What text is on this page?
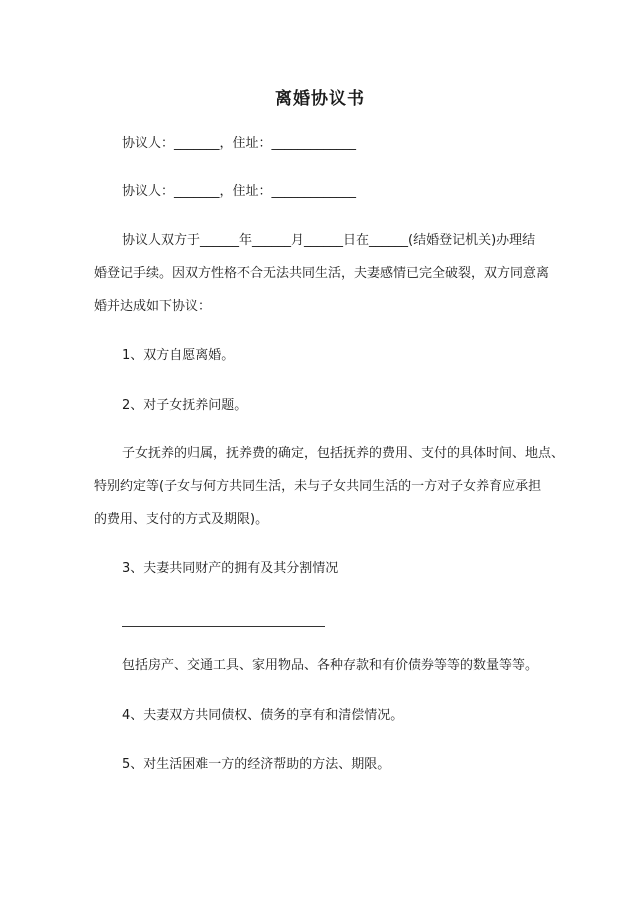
离婚协议书
协议人：_______，住址：_____________
协议人：_______，住址：_____________
协议人双方于______年______月______日在______(结婚登记机关)办理结
婚登记手续。因双方性格不合无法共同生活，夫妻感情已完全破裂，双方同意离
婚并达成如下协议：
1、双方自愿离婚。
2、对子女抚养问题。
子女抚养的归属，抚养费的确定，包括抚养的费用、支付的具体时间、地点、
特别约定等(子女与何方共同生活，未与子女共同生活的一方对子女养育应承担
的费用、支付的方式及期限)。
3、夫妻共同财产的拥有及其分割情况
包括房产、交通工具、家用物品、各种存款和有价债券等等的数量等等。
4、夫妻双方共同债权、债务的享有和清偿情况。
5、对生活困难一方的经济帮助的方法、期限。
